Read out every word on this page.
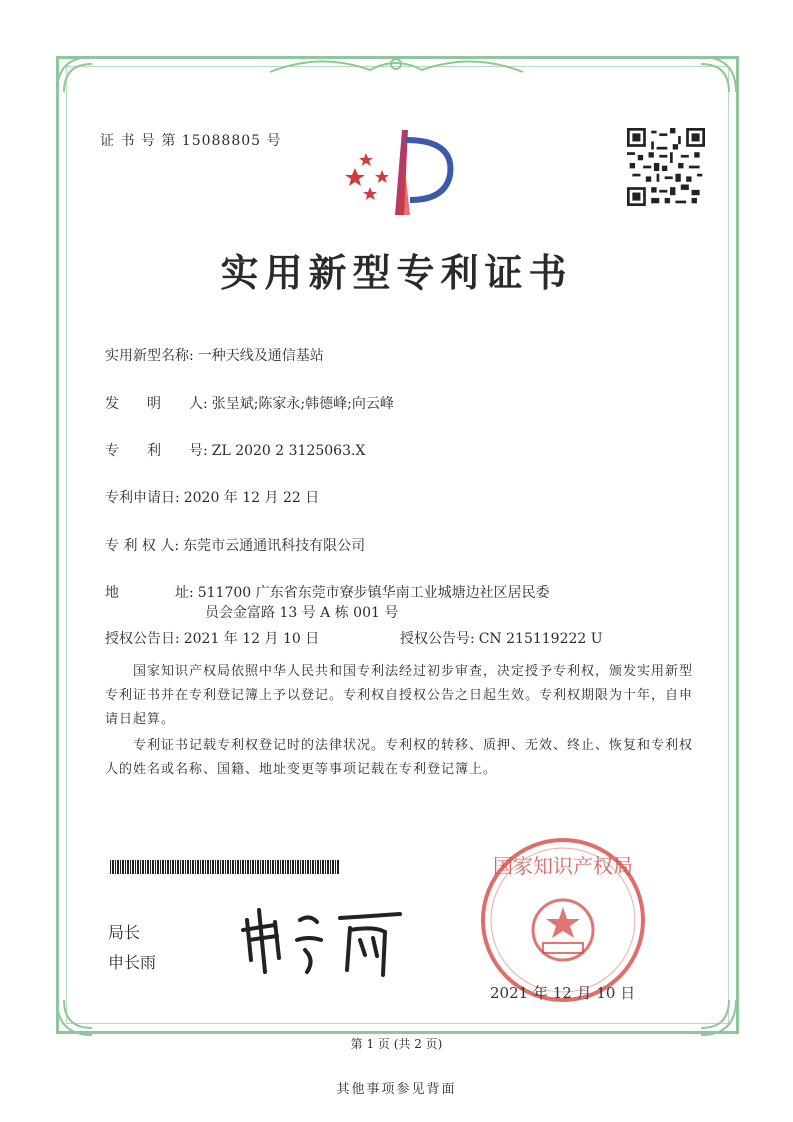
证 书 号 第 15088805 号
实用新型专利证书
实用新型名称: 一种天线及通信基站
发　　明　　人: 张呈斌;陈家永;韩德峰;向云峰
专　　利　　号: ZL 2020 2 3125063.X
专利申请日: 2020 年 12 月 22 日
专 利 权 人: 东莞市云通通讯科技有限公司
地　　　　址: 511700 广东省东莞市寮步镇华南工业城塘边社区居民委
员会金富路 13 号 A 栋 001 号
授权公告日: 2021 年 12 月 10 日	授权公告号: CN 215119222 U
国家知识产权局依照中华人民共和国专利法经过初步审查，决定授予专利权，颁发实用新型专利证书并在专利登记簿上予以登记。专利权自授权公告之日起生效。专利权期限为十年，自申请日起算。
专利证书记载专利权登记时的法律状况。专利权的转移、质押、无效、终止、恢复和专利权人的姓名或名称、国籍、地址变更等事项记载在专利登记簿上。
局长
申长雨
国家知识产权局
2021 年 12 月 10 日
第 1 页 (共 2 页)
其他事项参见背面
